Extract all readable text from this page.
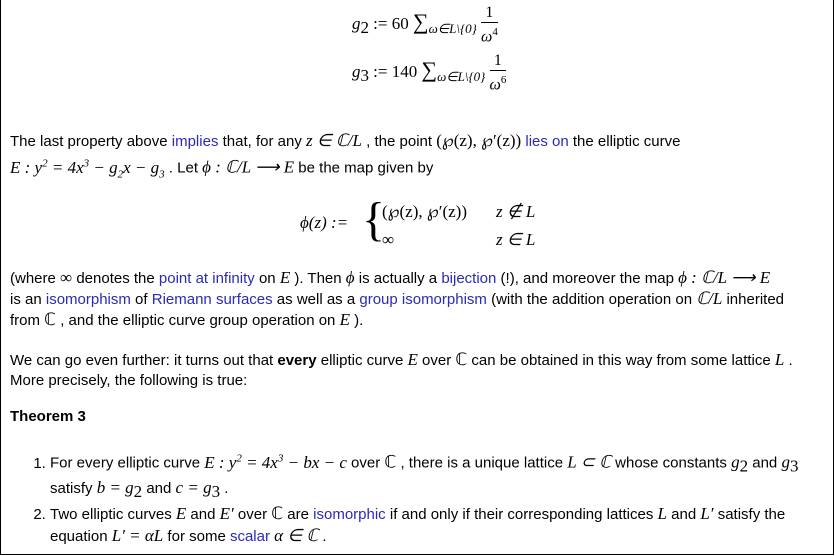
$g_2$ := 60 $\sum_{\omega\in L\backslash\{0\}} \frac{1}{\omega^4}$
$g_3$ := 140 $\sum_{\omega\in L\backslash\{0\}} \frac{1}{\omega^6}$
The last property above implies that, for any z ∈ ℂ/L , the point (℘(z), ℘′(z)) lies on the elliptic curve
E : $y^2 = 4x^3 - g_2x - g_3$ . Let ϕ : ℂ/L ⟶ E be the map given by
ϕ(z) := {
(℘(z), ℘′(z)) z ∉ L
∞	z ∈ L
(where ∞ denotes the point at infinity on E ). Then ϕ is actually a bijection (!), and moreover the map ϕ : ℂ/L ⟶ E
is an isomorphism of Riemann surfaces as well as a group isomorphism (with the addition operation on ℂ/L inherited
from ℂ , and the elliptic curve group operation on E ).
We can go even further: it turns out that every elliptic curve E over ℂ can be obtained in this way from some lattice L .
More precisely, the following is true:
Theorem 3
1. For every elliptic curve E : $y^2 = 4x^3$ − bx − c over ℂ , there is a unique lattice L ⊂ ℂ whose constants $g_2$ and $g_3$
satisfy $b = g_2$ and $c = g_3$ .
2. Two elliptic curves E and E′ over ℂ are isomorphic if and only if their corresponding lattices L and L′ satisfy the
equation L′ = αL for some scalar α ∈ ℂ .
